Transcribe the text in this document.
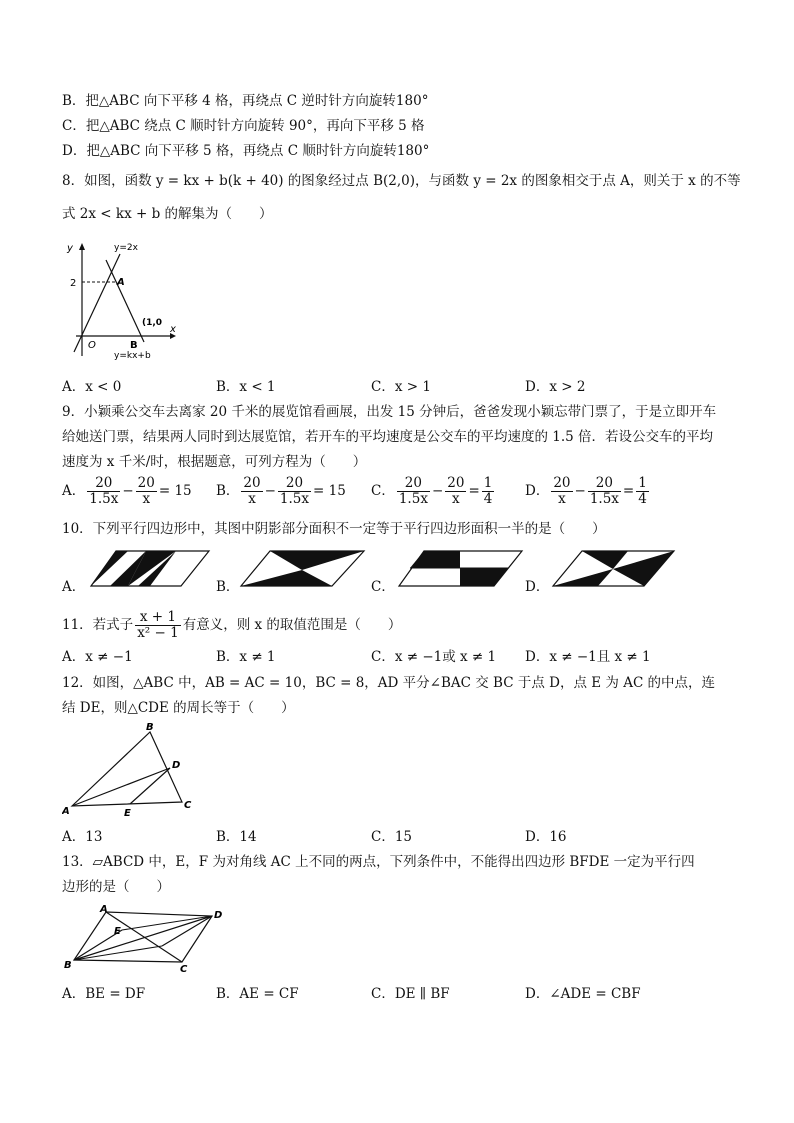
B．把△ABC 向下平移 4 格，再绕点 C 逆时针方向旋转180°
C．把△ABC 绕点 C 顺时针方向旋转 90°，再向下平移 5 格
D．把△ABC 向下平移 5 格，再绕点 C 顺时针方向旋转180°
8．如图，函数 y = kx + b(k + 40) 的图象经过点 B(2,0)，与函数 y = 2x 的图象相交于点 A，则关于 x 的不等
式 2x < kx + b 的解集为（　　）
y
x
y=2x
y=kx+b
2	A
B
O
(1,0
A．x < 0	B．x < 1	C．x > 1	D．x > 2
9．小颖乘公交车去离家 20 千米的展览馆看画展，出发 15 分钟后，爸爸发现小颖忘带门票了，于是立即开车
给她送门票，结果两人同时到达展览馆，若开车的平均速度是公交车的平均速度的 1.5 倍．若设公交车的平均
速度为 x 千米/时，根据题意，可列方程为（　　）
A． $\frac{20}{1.5x} - \frac{20}{x} = 15$ B． $\frac{20}{x} - \frac{20}{1.5x} = 15$ C． $\frac{20}{1.5x} - \frac{20}{x} = \frac{1}{4}$ D． $\frac{20}{x} - \frac{20}{1.5x} = \frac{1}{4}$
10．下列平行四边形中，其图中阴影部分面积不一定等于平行四边形面积一半的是（　　）
A．	B．	C．	D．
11．若式子 $\frac{x + 1}{\text{x² − 1}}$ 有意义，则 x 的取值范围是（　　）
A．x ≠ −1	B．x ≠ 1	C．x ≠ −1或 x ≠ 1 D．x ≠ −1且 x ≠ 1
12．如图，△ABC 中，AB = AC = 10，BC = 8，AD 平分∠BAC 交 BC 于点 D，点 E 为 AC 的中点，连
结 DE，则△CDE 的周长等于（　　）
A
B
C
D
E
A．13	B．14	C．15	D．16
13．▱ABCD 中，E，F 为对角线 AC 上不同的两点，下列条件中，不能得出四边形 BFDE 一定为平行四
边形的是（　　）
A
D
B	C
E
A．BE = DF	B．AE = CF	C．DE ∥ BF	D．∠ADE = CBF
